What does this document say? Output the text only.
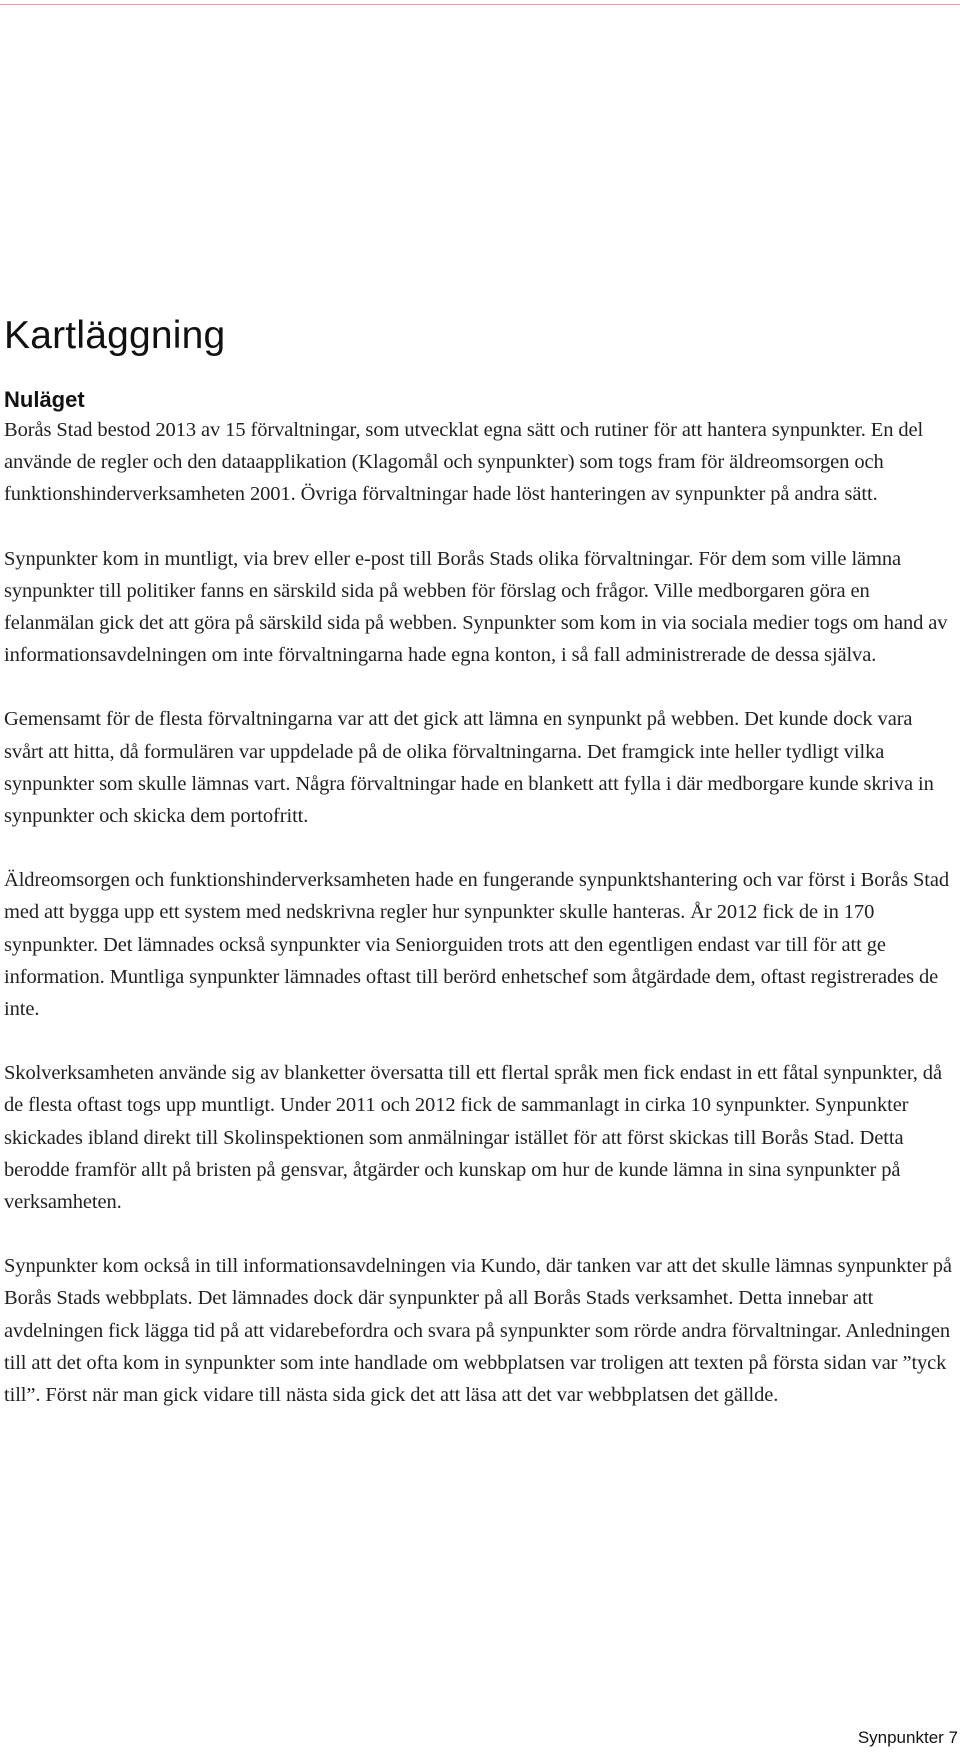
Kartläggning
Nuläget

Borås Stad bestod 2013 av 15 förvaltningar, som utvecklat egna sätt och rutiner för att hantera synpunkter. En del använde de regler och den dataapplikation (Klagomål och synpunkter) som togs fram för äldreomsorgen och funktionshinderverksamheten 2001. Övriga förvaltningar hade löst hanteringen av synpunkter på andra sätt.

Synpunkter kom in muntligt, via brev eller e-post till Borås Stads olika förvaltningar. För dem som ville lämna synpunkter till politiker fanns en särskild sida på webben för förslag och frågor. Ville medborgaren göra en felanmälan gick det att göra på särskild sida på webben. Synpunkter som kom in via sociala medier togs om hand av informationsavdelningen om inte förvaltningarna hade egna konton, i så fall administrerade de dessa själva.

Gemensamt för de flesta förvaltningarna var att det gick att lämna en synpunkt på webben. Det kunde dock vara svårt att hitta, då formulären var uppdelade på de olika förvaltningarna. Det framgick inte heller tydligt vilka synpunkter som skulle lämnas vart. Några förvaltningar hade en blankett att fylla i där medborgare kunde skriva in synpunkter och skicka dem portofritt.

Äldreomsorgen och funktionshinderverksamheten hade en fungerande synpunktshantering och var först i Borås Stad med att bygga upp ett system med nedskrivna regler hur synpunkter skulle hanteras. År 2012 fick de in 170 synpunkter. Det lämnades också synpunkter via Seniorguiden trots att den egentligen endast var till för att ge information. Muntliga synpunkter lämnades oftast till berörd enhetschef som åtgärdade dem, oftast registrerades de inte.

Skolverksamheten använde sig av blanketter översatta till ett flertal språk men fick endast in ett fåtal synpunkter, då de flesta oftast togs upp muntligt. Under 2011 och 2012 fick de sammanlagt in cirka 10 synpunkter. Synpunkter skickades ibland direkt till Skolinspektionen som anmälningar istället för att först skickas till Borås Stad. Detta berodde framför allt på bristen på gensvar, åtgärder och kunskap om hur de kunde lämna in sina synpunkter på verksamheten.

Synpunkter kom också in till informationsavdelningen via Kundo, där tanken var att det skulle lämnas synpunkter på Borås Stads webbplats. Det lämnades dock där synpunkter på all Borås Stads verksamhet. Detta innebar att avdelningen fick lägga tid på att vidarebefordra och svara på synpunkter som rörde andra förvaltningar. Anledningen till att det ofta kom in synpunkter som inte handlade om webbplatsen var troligen att texten på första sidan var ”tyck till”. Först när man gick vidare till nästa sida gick det att läsa att det var webbplatsen det gällde.

Synpunkter 7
